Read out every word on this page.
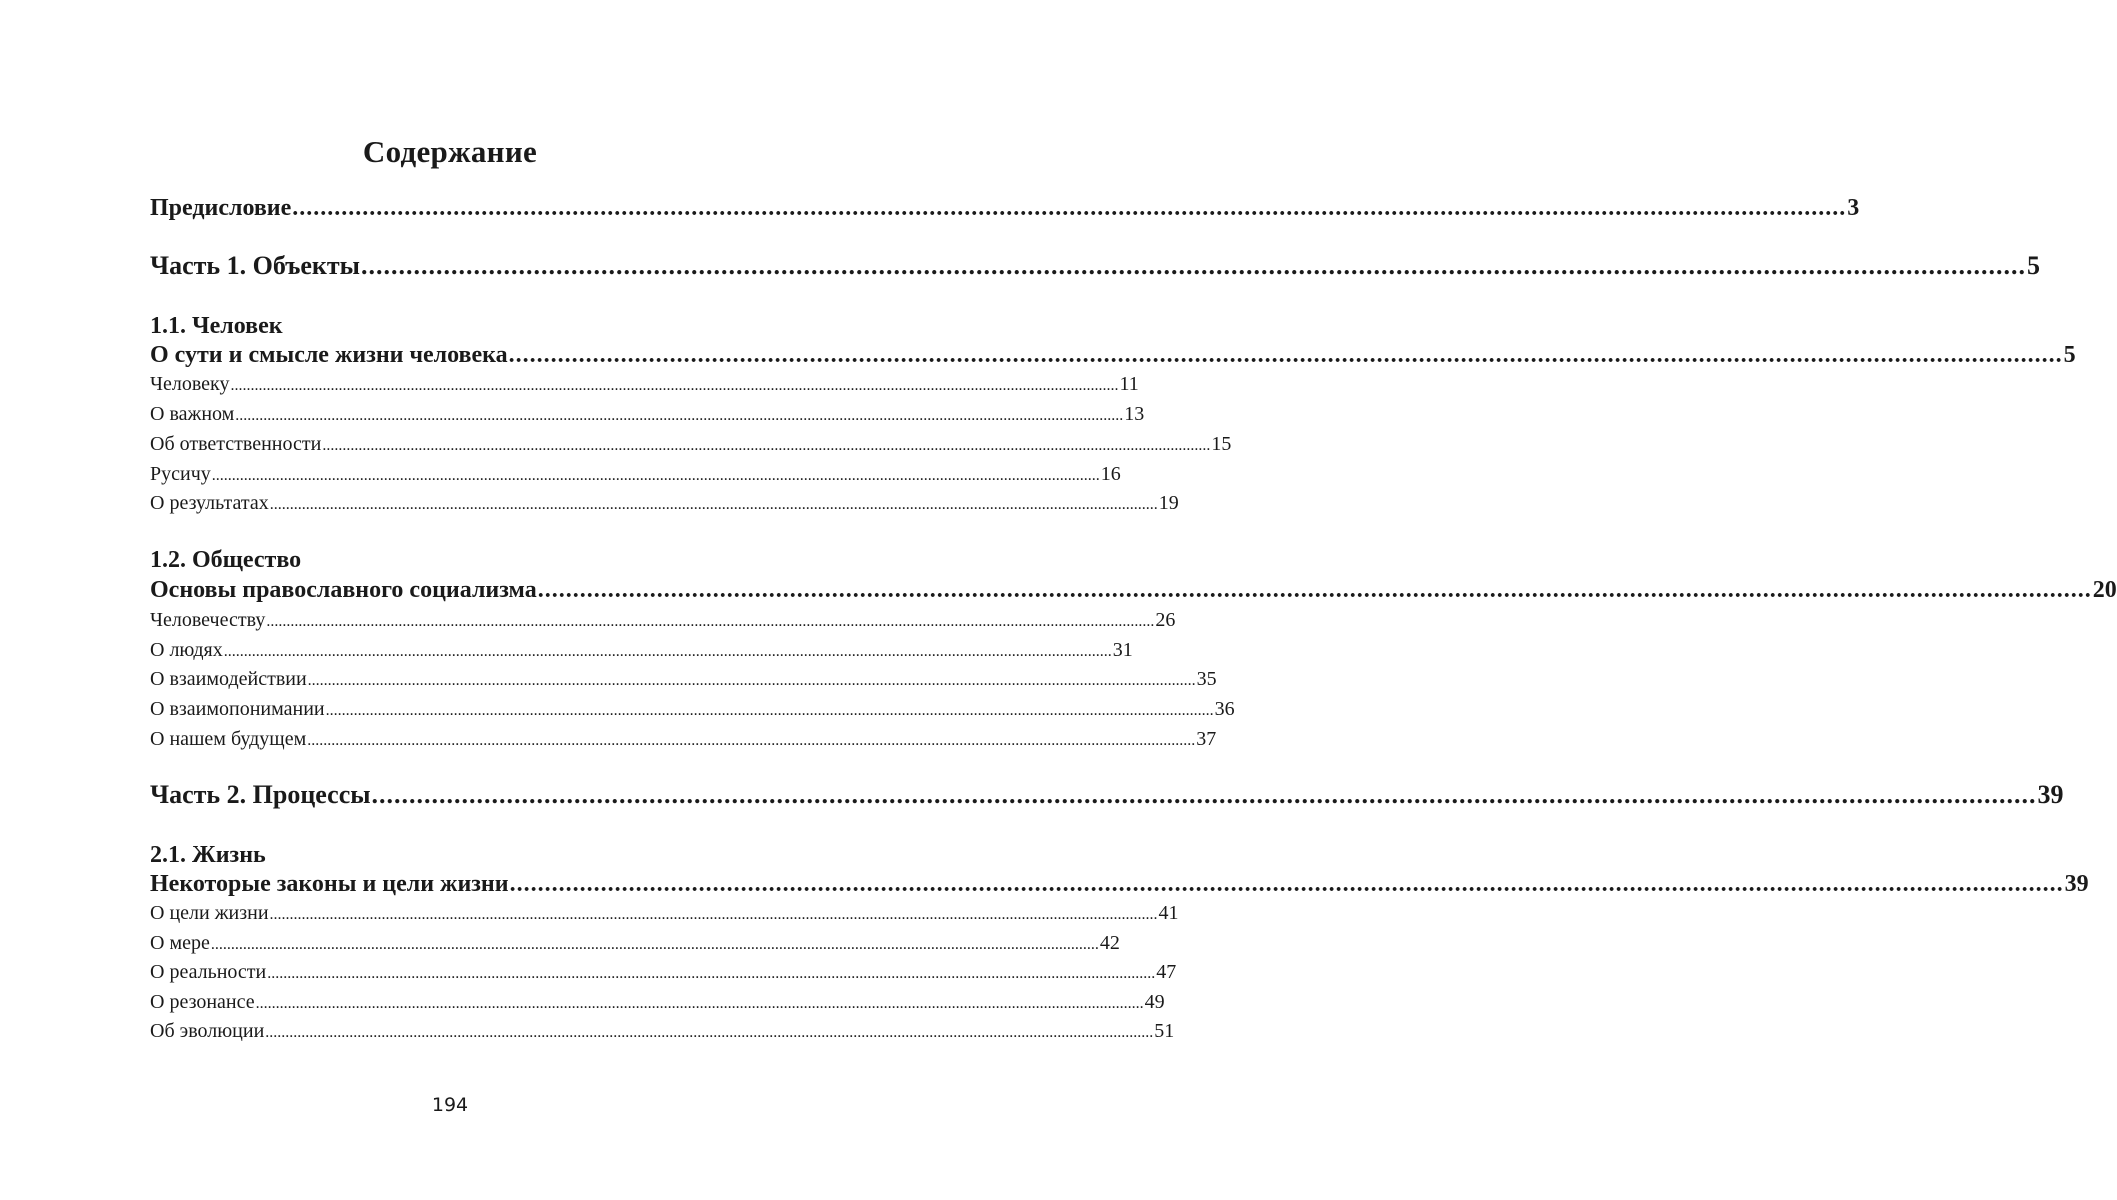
Содержание
Предисловие .............................................................................................................................................................................................................................. 3
Часть 1. Объекты .............................................................................................................................................................................................................................. 5
1.1. Человек
О сути и смысле жизни человека .............................................................................................................................................................................................................................. 5
Человеку .............................................................................................................................................................................................................................. 11
О важном .............................................................................................................................................................................................................................. 13
Об ответственности .............................................................................................................................................................................................................................. 15
Русичу .............................................................................................................................................................................................................................. 16
О результатах .............................................................................................................................................................................................................................. 19
1.2. Общество
Основы православного социализма .............................................................................................................................................................................................................................. 20
Человечеству .............................................................................................................................................................................................................................. 26
О людях .............................................................................................................................................................................................................................. 31
О взаимодействии .............................................................................................................................................................................................................................. 35
О взаимопонимании .............................................................................................................................................................................................................................. 36
О нашем будущем .............................................................................................................................................................................................................................. 37
Часть 2. Процессы .............................................................................................................................................................................................................................. 39
2.1. Жизнь
Некоторые законы и цели жизни .............................................................................................................................................................................................................................. 39
О цели жизни .............................................................................................................................................................................................................................. 41
О мере .............................................................................................................................................................................................................................. 42
О реальности .............................................................................................................................................................................................................................. 47
О резонансе .............................................................................................................................................................................................................................. 49
Об эволюции .............................................................................................................................................................................................................................. 51
194
